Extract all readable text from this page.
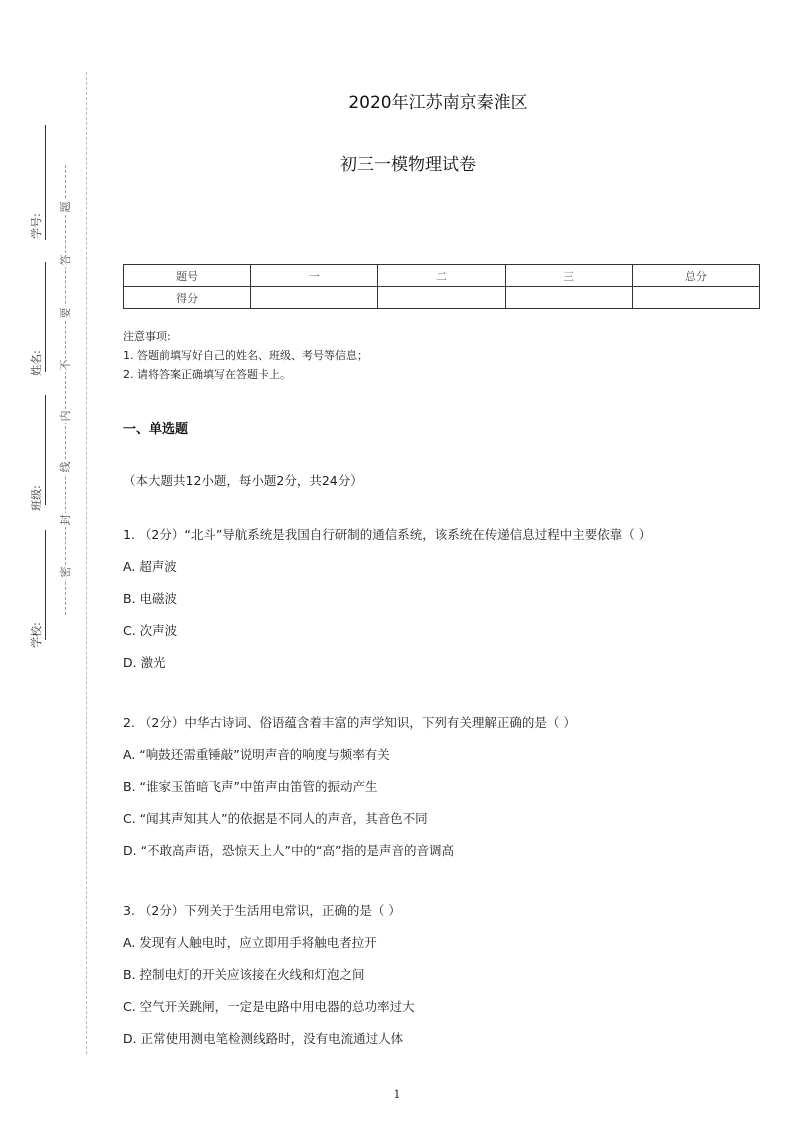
学号:
姓名:
班级:
学校:
题
答
要
不
内
线
封
密
2020年江苏南京秦淮区
初三一模物理试卷
题号	一	二	三	总分
得分				
注意事项:
1. 答题前填写好自己的姓名、班级、考号等信息；
2. 请将答案正确填写在答题卡上。
一、单选题
（本大题共12小题，每小题2分，共24分）
1. （2分）“北斗”导航系统是我国自行研制的通信系统，该系统在传递信息过程中主要依靠（ ）
A. 超声波
B. 电磁波
C. 次声波
D. 激光
2. （2分）中华古诗词、俗语蕴含着丰富的声学知识，下列有关理解正确的是（ ）
A. “响鼓还需重锤敲”说明声音的响度与频率有关
B. “谁家玉笛暗飞声”中笛声由笛管的振动产生
C. “闻其声知其人”的依据是不同人的声音，其音色不同
D. “不敢高声语，恐惊天上人”中的“高”指的是声音的音调高
3. （2分）下列关于生活用电常识，正确的是（ ）
A. 发现有人触电时，应立即用手将触电者拉开
B. 控制电灯的开关应该接在火线和灯泡之间
C. 空气开关跳闸，一定是电路中用电器的总功率过大
D. 正常使用测电笔检测线路时，没有电流通过人体
1
